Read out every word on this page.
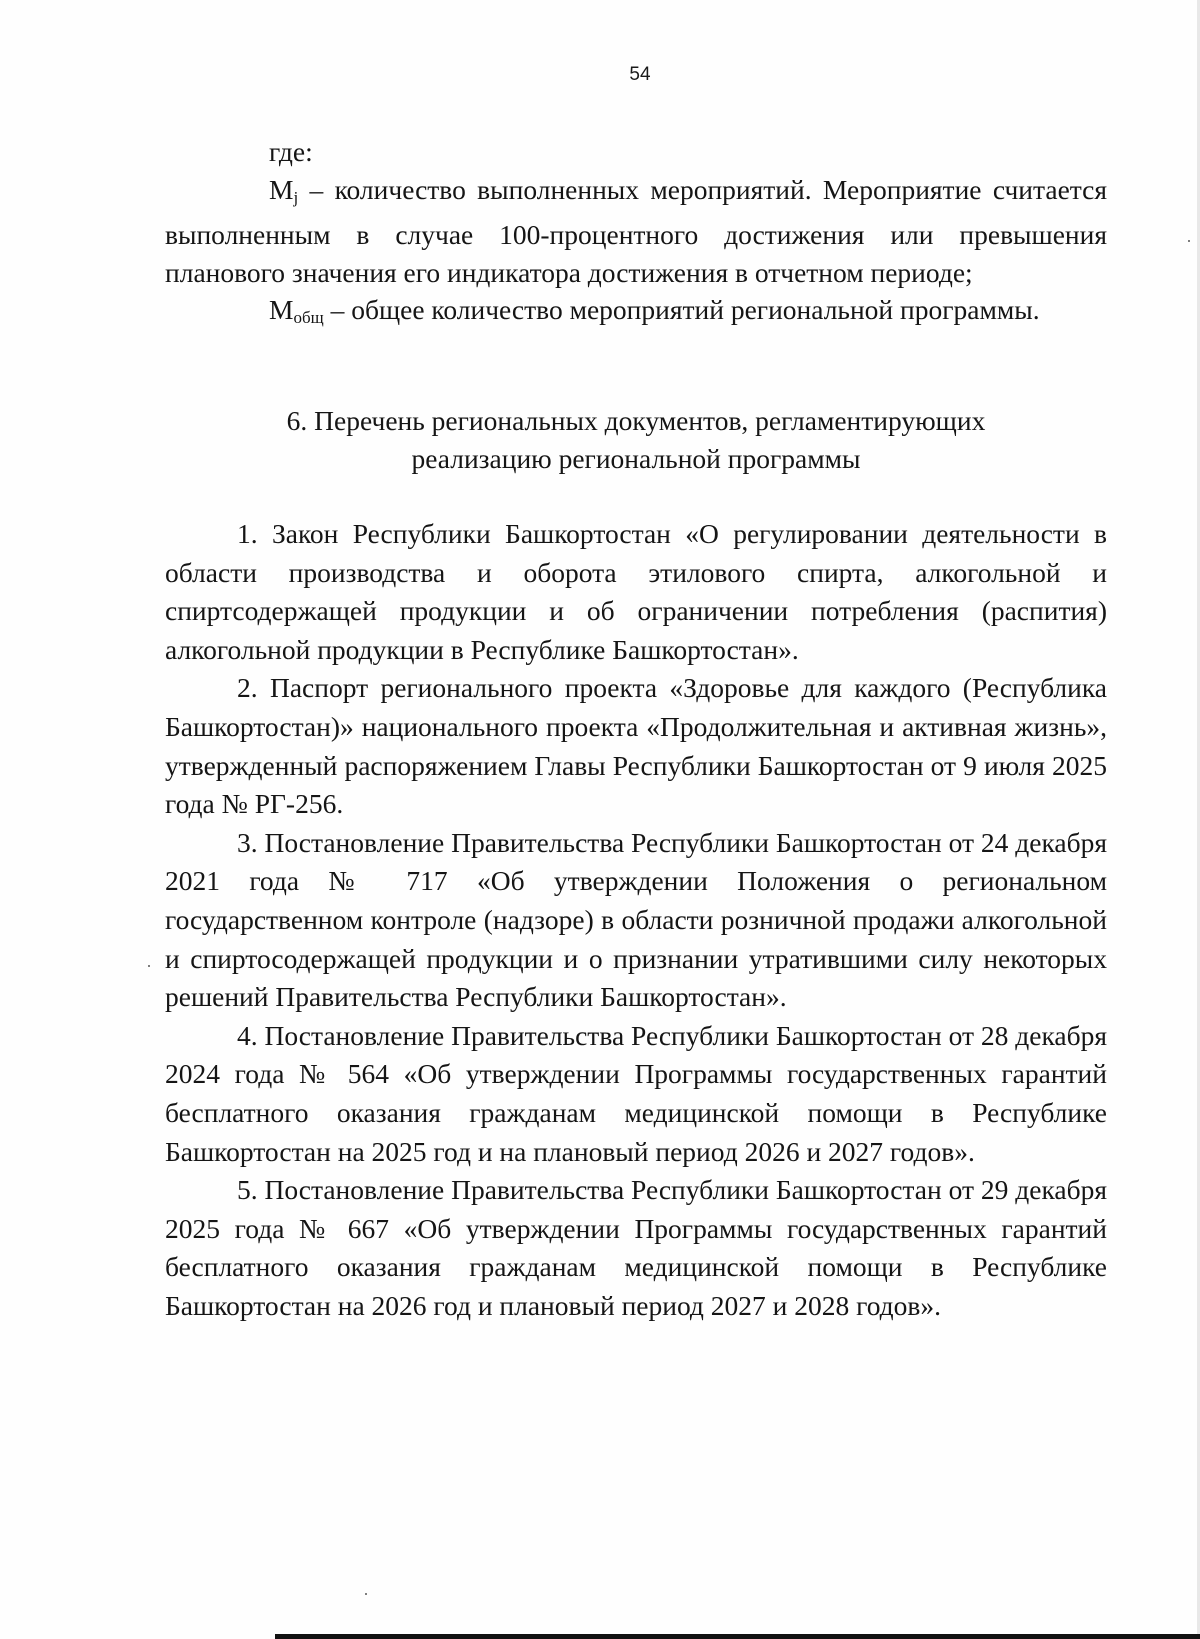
54

где:

$M_j$ – количество выполненных мероприятий. Мероприятие считается выполненным в случае 100-процентного достижения или превышения планового значения его индикатора достижения в отчетном периоде;

$M_{общ}$ – общее количество мероприятий региональной программы.

6. Перечень региональных документов, регламентирующих
реализацию региональной программы

1. Закон Республики Башкортостан «О регулировании деятельности в области производства и оборота этилового спирта, алкогольной и спиртсодержащей продукции и об ограничении потребления (распития) алкогольной продукции в Республике Башкортостан».

2. Паспорт регионального проекта «Здоровье для каждого (Республика Башкортостан)» национального проекта «Продолжительная и активная жизнь», утвержденный распоряжением Главы Республики Башкортостан от 9 июля 2025 года № РГ-256.

3. Постановление Правительства Республики Башкортостан от 24 декабря 2021 года № 717 «Об утверждении Положения о региональном государственном контроле (надзоре) в области розничной продажи алкогольной и спиртосодержащей продукции и о признании утратившими силу некоторых решений Правительства Республики Башкортостан».

4. Постановление Правительства Республики Башкортостан от 28 декабря 2024 года № 564 «Об утверждении Программы государственных гарантий бесплатного оказания гражданам медицинской помощи в Республике Башкортостан на 2025 год и на плановый период 2026 и 2027 годов».

5. Постановление Правительства Республики Башкортостан от 29 декабря 2025 года № 667 «Об утверждении Программы государственных гарантий бесплатного оказания гражданам медицинской помощи в Республике Башкортостан на 2026 год и плановый период 2027 и 2028 годов».
